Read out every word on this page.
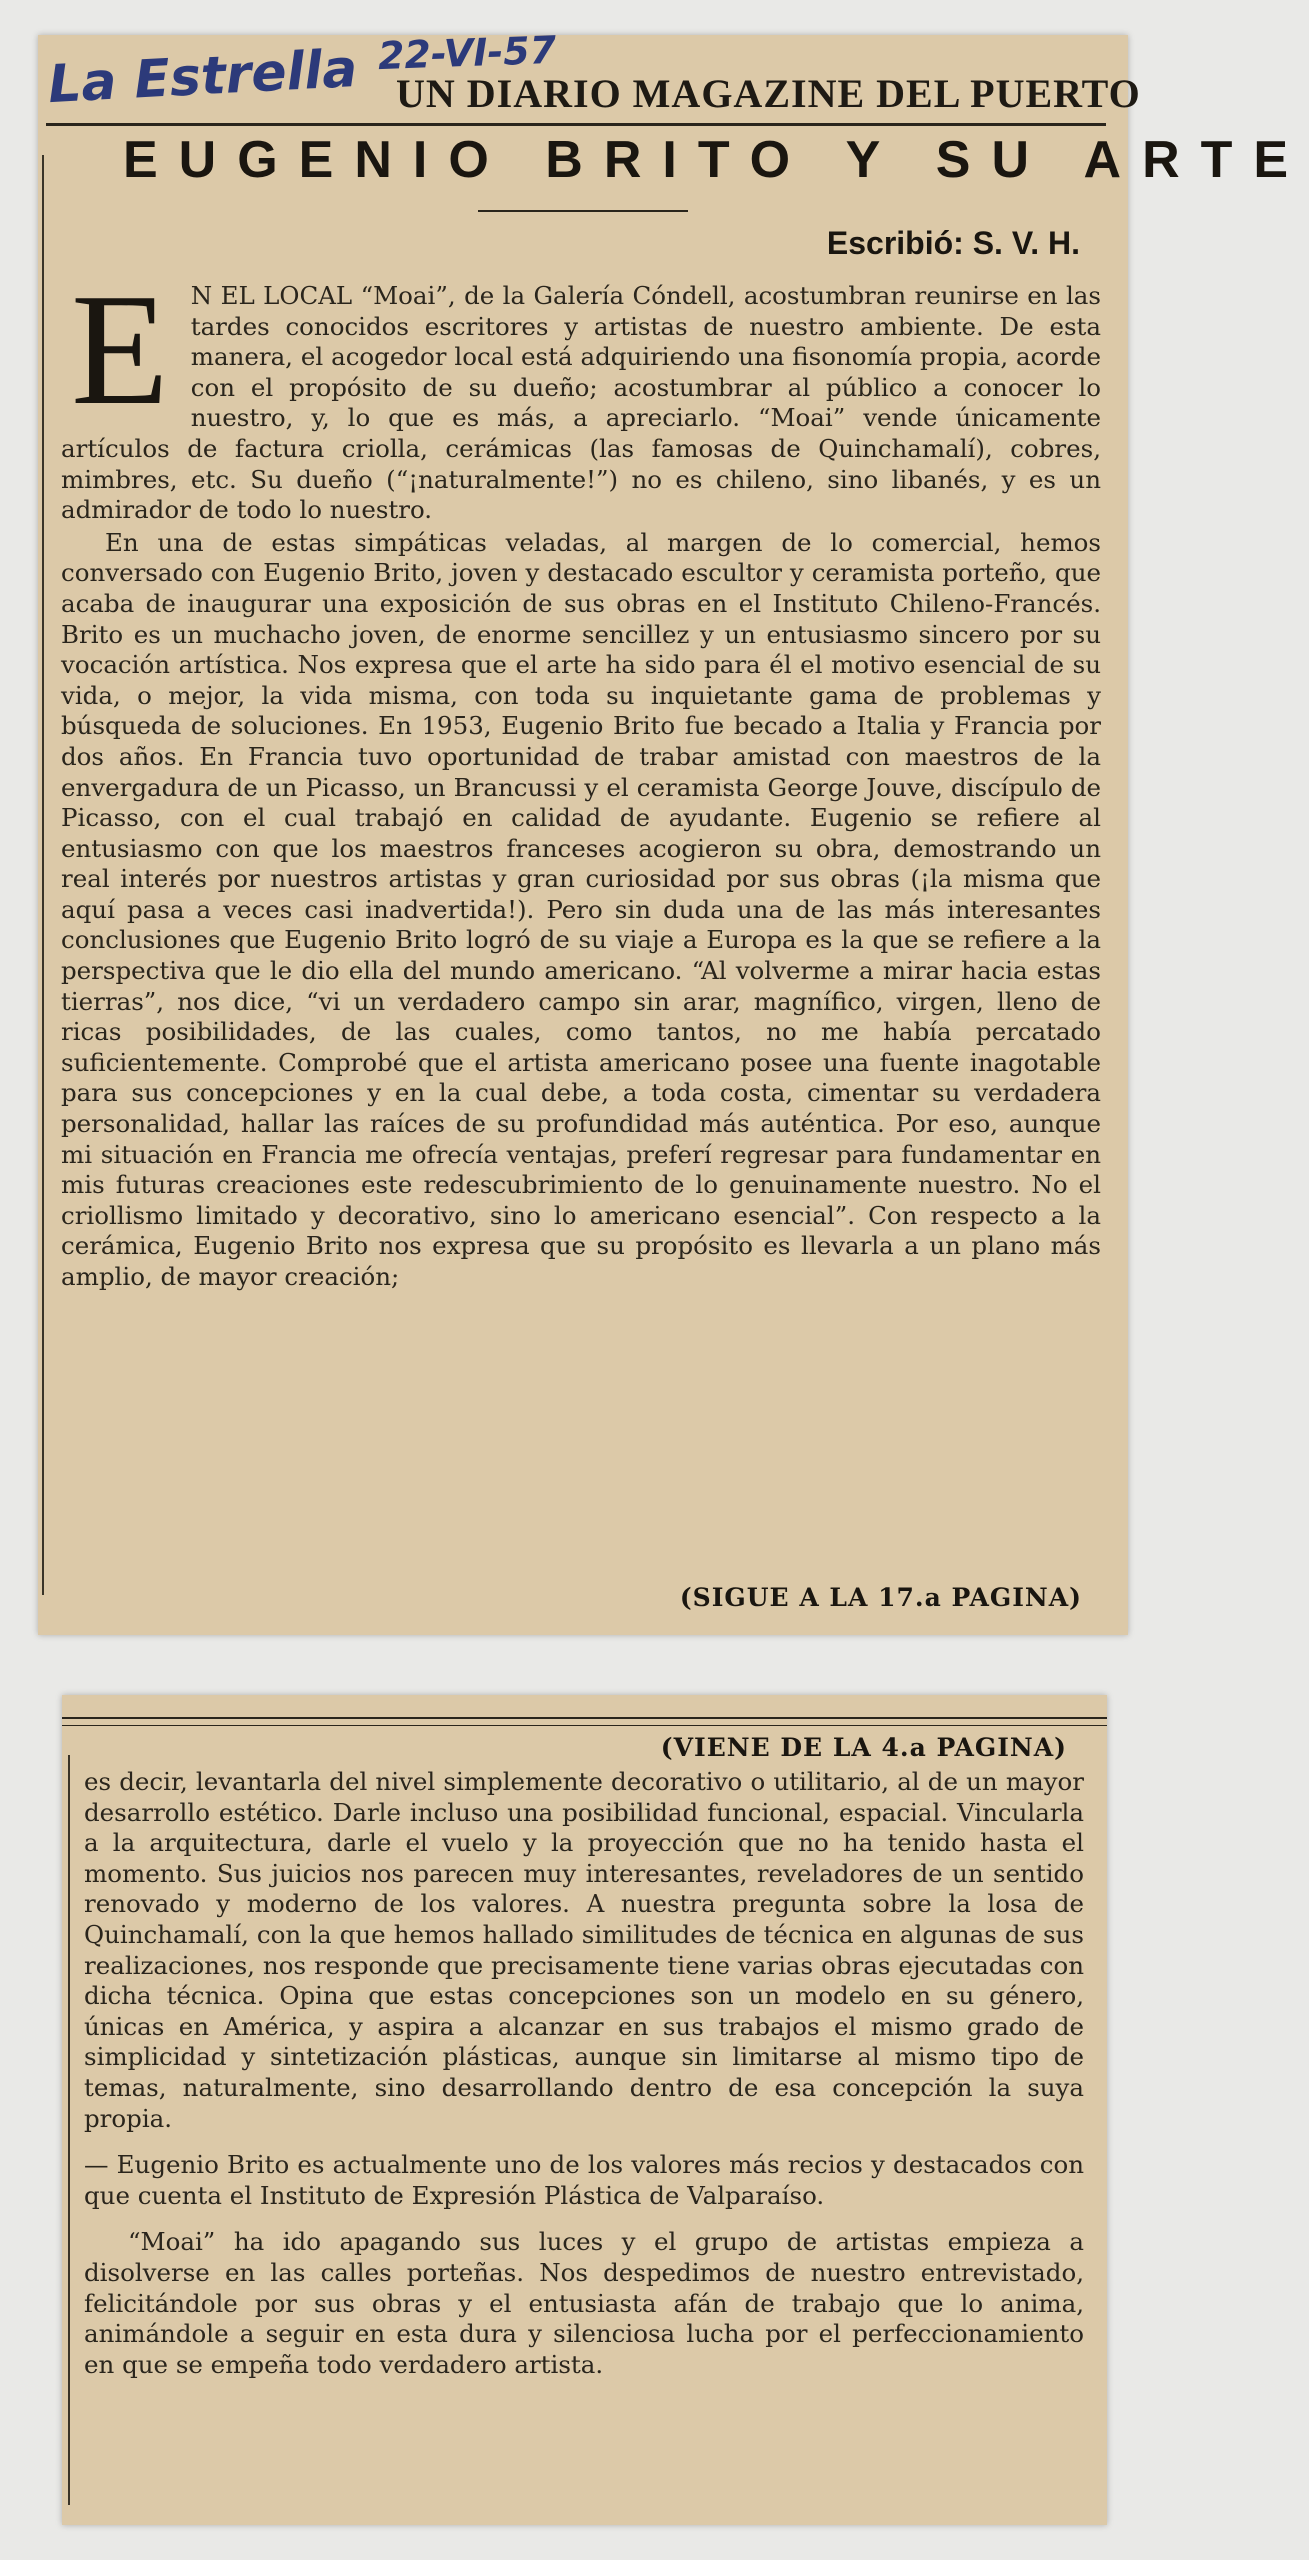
La Estrella 22-VI-57
UN DIARIO MAGAZINE DEL PUERTO
EUGENIO BRITO Y SU ARTE
Escribió: S. V. H.
E N EL LOCAL “Moai”, de la Galería Cóndell, acostumbran reunirse en las tardes conocidos escritores y artistas de nuestro ambiente. De esta manera, el acogedor local está adquiriendo una fisonomía propia, acorde con el propósito de su dueño; acostumbrar al público a conocer lo nuestro, y, lo que es más, a apreciarlo. “Moai” vende únicamente artículos de factura criolla, cerámicas (las famosas de Quinchamalí), cobres, mimbres, etc. Su dueño (“¡naturalmente!”) no es chileno, sino libanés, y es un admirador de todo lo nuestro.

En una de estas simpáticas veladas, al margen de lo comercial, hemos conversado con Eugenio Brito, joven y destacado escultor y ceramista porteño, que acaba de inaugurar una exposición de sus obras en el Instituto Chileno-Francés. Brito es un muchacho joven, de enorme sencillez y un entusiasmo sincero por su vocación artística. Nos expresa que el arte ha sido para él el motivo esencial de su vida, o mejor, la vida misma, con toda su inquietante gama de problemas y búsqueda de soluciones. En 1953, Eugenio Brito fue becado a Italia y Francia por dos años. En Francia tuvo oportunidad de trabar amistad con maestros de la envergadura de un Picasso, un Brancussi y el ceramista George Jouve, discípulo de Picasso, con el cual trabajó en calidad de ayudante. Eugenio se refiere al entusiasmo con que los maestros franceses acogieron su obra, demostrando un real interés por nuestros artistas y gran curiosidad por sus obras (¡la misma que aquí pasa a veces casi inadvertida!). Pero sin duda una de las más interesantes conclusiones que Eugenio Brito logró de su viaje a Europa es la que se refiere a la perspectiva que le dio ella del mundo americano. “Al volverme a mirar hacia estas tierras”, nos dice, “vi un verdadero campo sin arar, magnífico, virgen, lleno de ricas posibilidades, de las cuales, como tantos, no me había percatado suficientemente. Comprobé que el artista americano posee una fuente inagotable para sus concepciones y en la cual debe, a toda costa, cimentar su verdadera personalidad, hallar las raíces de su profundidad más auténtica. Por eso, aunque mi situación en Francia me ofrecía ventajas, preferí regresar para fundamentar en mis futuras creaciones este redescubrimiento de lo genuinamente nuestro. No el criollismo limitado y decorativo, sino lo americano esencial”. Con respecto a la cerámica, Eugenio Brito nos expresa que su propósito es llevarla a un plano más amplio, de mayor creación;

(SIGUE A LA 17.a PAGINA)
(VIENE DE LA 4.a PAGINA)

es decir, levantarla del nivel simplemente decorativo o utilitario, al de un mayor desarrollo estético. Darle incluso una posibilidad funcional, espacial. Vincularla a la arquitectura, darle el vuelo y la proyección que no ha tenido hasta el momento. Sus juicios nos parecen muy interesantes, reveladores de un sentido renovado y moderno de los valores. A nuestra pregunta sobre la losa de Quinchamalí, con la que hemos hallado similitudes de técnica en algunas de sus realizaciones, nos responde que precisamente tiene varias obras ejecutadas con dicha técnica. Opina que estas concepciones son un modelo en su género, únicas en América, y aspira a alcanzar en sus trabajos el mismo grado de simplicidad y sintetización plásticas, aunque sin limitarse al mismo tipo de temas, naturalmente, sino desarrollando dentro de esa concepción la suya propia.

— Eugenio Brito es actualmente uno de los valores más recios y destacados con que cuenta el Instituto de Expresión Plástica de Valparaíso.

“Moai” ha ido apagando sus luces y el grupo de artistas empieza a disolverse en las calles porteñas. Nos despedimos de nuestro entrevistado, felicitándole por sus obras y el entusiasta afán de trabajo que lo anima, animándole a seguir en esta dura y silenciosa lucha por el perfeccionamiento en que se empeña todo verdadero artista.
